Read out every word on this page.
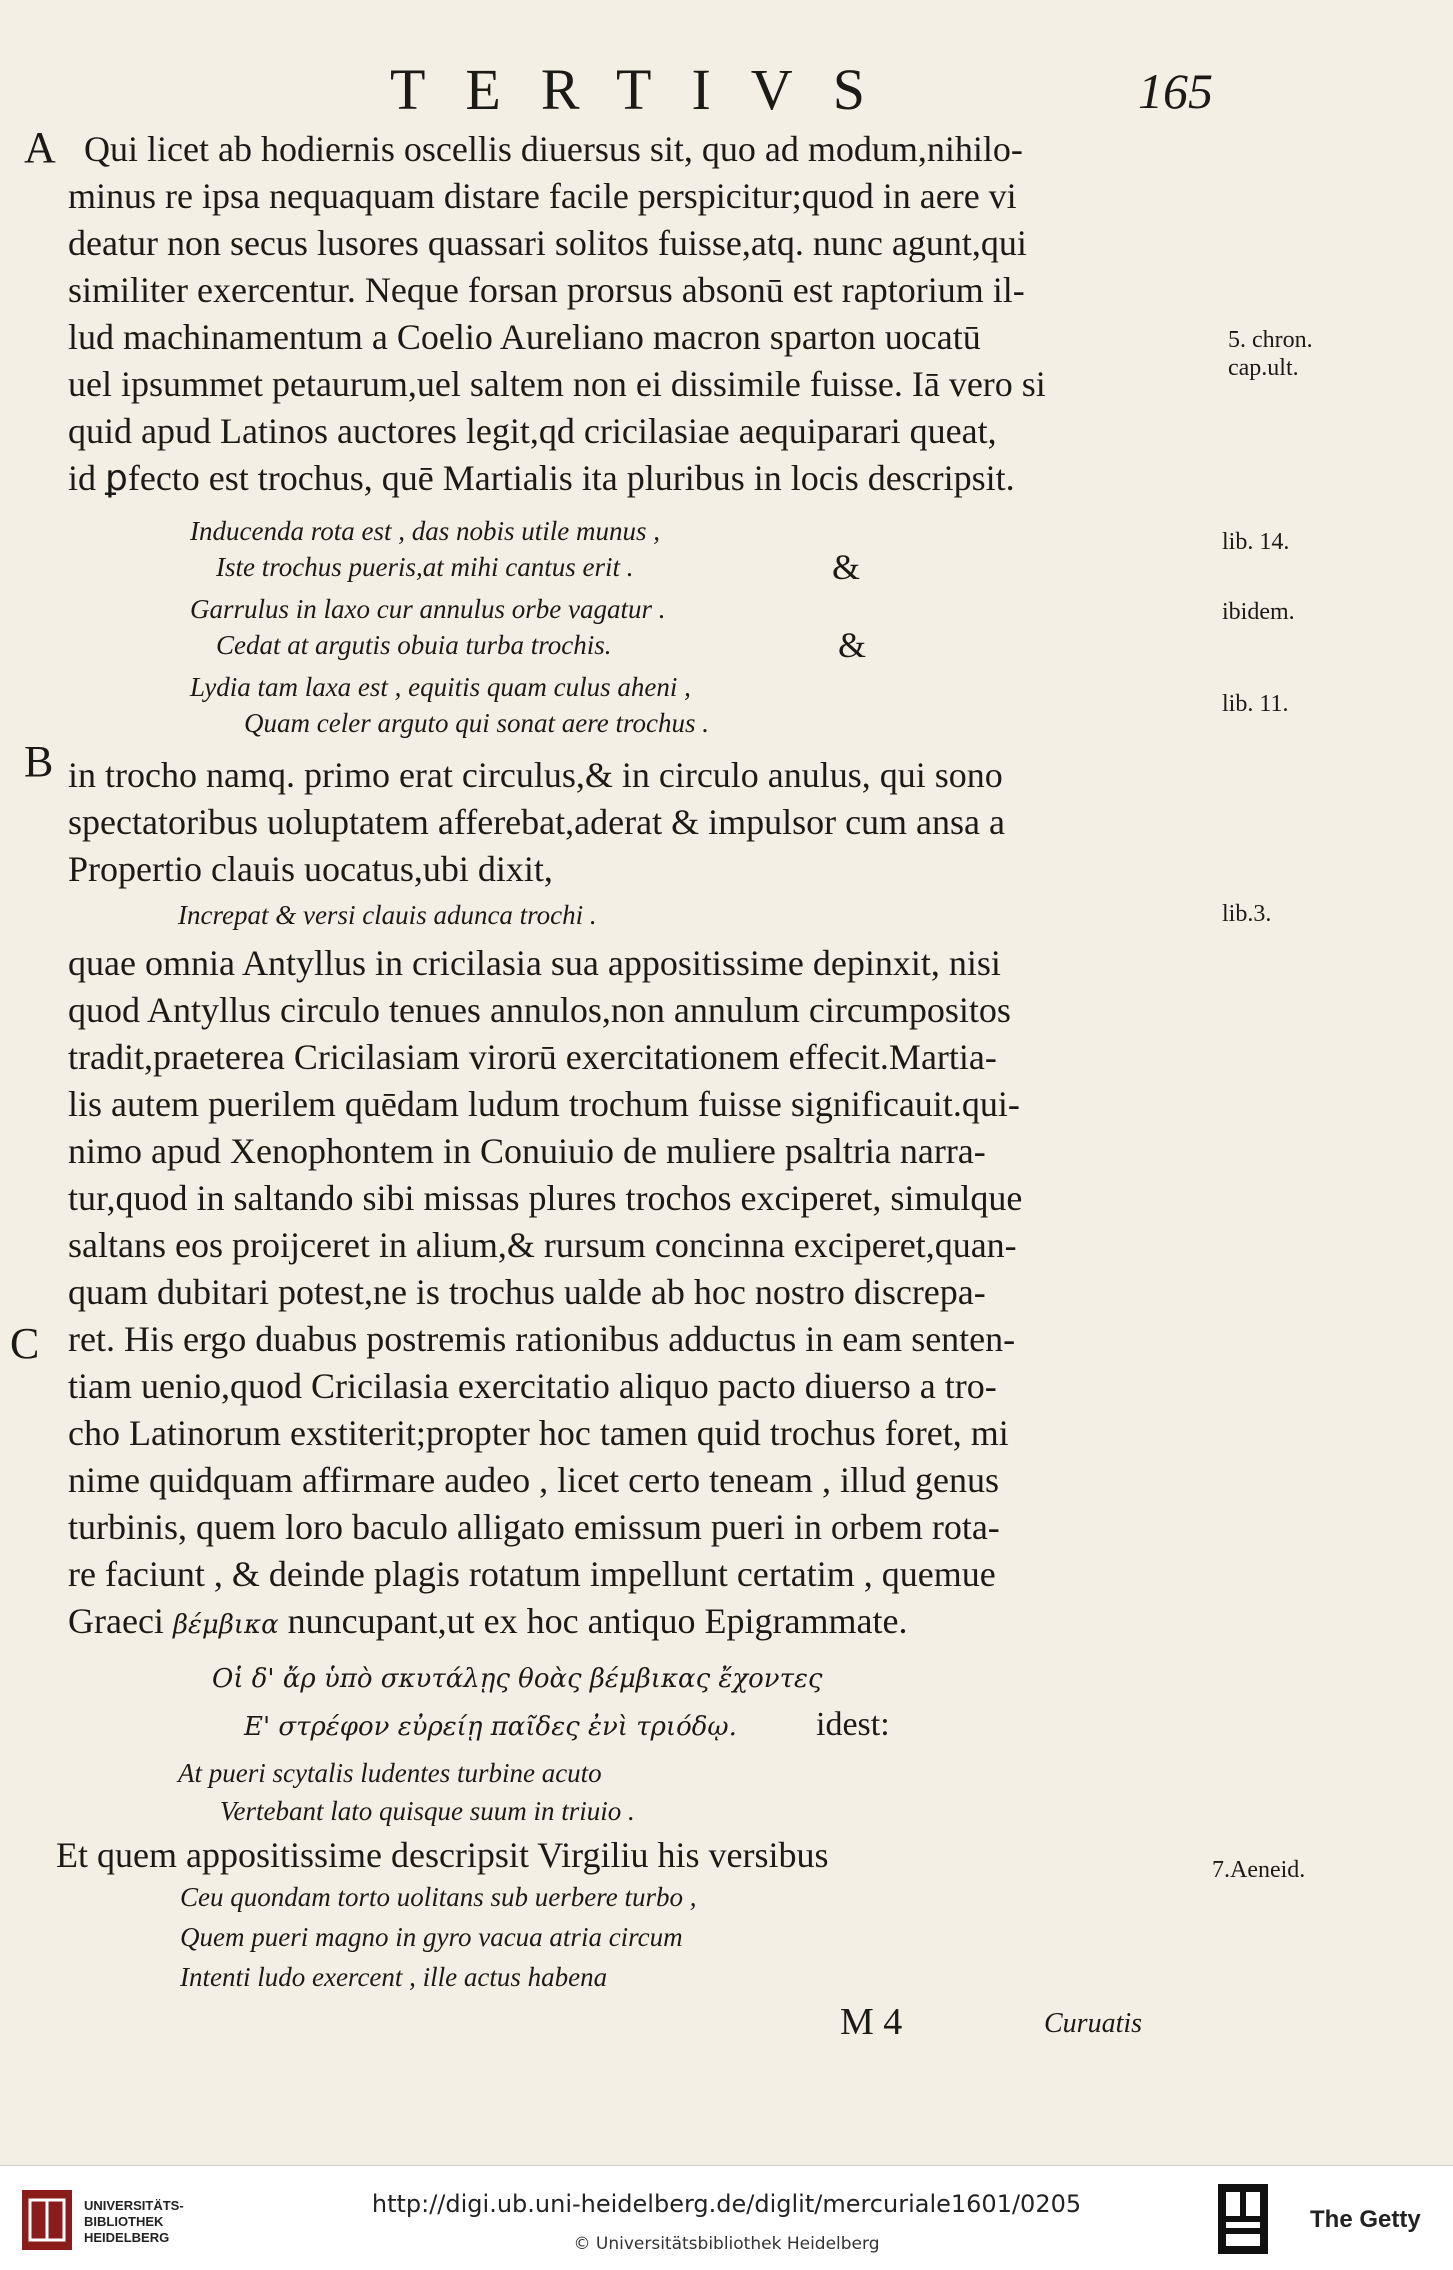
TERTIVS	165
A
B
C
Qui licet ab hodiernis oscellis diuersus sit, quo ad modum,nihilo-
minus re ipsa nequaquam distare facile perspicitur;quod in aere vi
deatur non secus lusores quassari solitos fuisse,atq. nunc agunt,qui
similiter exercentur. Neque forsan prorsus absonū est raptorium il-
lud machinamentum a Coelio Aureliano macron sparton uocatū
uel ipsummet petaurum,uel saltem non ei dissimile fuisse. Iā vero si
quid apud Latinos auctores legit,qd cricilasiae aequiparari queat,
id ꝑfecto est trochus, quē Martialis ita pluribus in locis descripsit.
Inducenda rota est , das nobis utile munus ,
Iste trochus pueris,at mihi cantus erit .	&
Garrulus in laxo cur annulus orbe vagatur .
Cedat at argutis obuia turba trochis.	&
Lydia tam laxa est , equitis quam culus aheni ,
Quam celer arguto qui sonat aere trochus .
in trocho namq. primo erat circulus,& in circulo anulus, qui sono
spectatoribus uoluptatem afferebat,aderat & impulsor cum ansa a
Propertio clauis uocatus,ubi dixit,
Increpat & versi clauis adunca trochi .
quae omnia Antyllus in cricilasia sua appositissime depinxit, nisi
quod Antyllus circulo tenues annulos,non annulum circumpositos
tradit,praeterea Cricilasiam virorū exercitationem effecit.Martia-
lis autem puerilem quēdam ludum trochum fuisse significauit.qui-
nimo apud Xenophontem in Conuiuio de muliere psaltria narra-
tur,quod in saltando sibi missas plures trochos exciperet, simulque
saltans eos proijceret in alium,& rursum concinna exciperet,quan-
quam dubitari potest,ne is trochus ualde ab hoc nostro discrepa-
ret. His ergo duabus postremis rationibus adductus in eam senten-
tiam uenio,quod Cricilasia exercitatio aliquo pacto diuerso a tro-
cho Latinorum exstiterit;propter hoc tamen quid trochus foret, mi
nime quidquam affirmare audeo , licet certo teneam , illud genus
turbinis, quem loro baculo alligato emissum pueri in orbem rota-
re faciunt , & deinde plagis rotatum impellunt certatim , quemue
Graeci βέμβικα nuncupant,ut ex hoc antiquo Epigrammate.
Οἱ δ' ἄρ ὑπὸ σκυτάλῃς θοὰς βέμβικας ἔχοντες
Ε' στρέφον εὐρείῃ παῖδες ἐνὶ τριόδῳ. idest:
At pueri scytalis ludentes turbine acuto
Vertebant lato quisque suum in triuio .
Et quem appositissime descripsit Virgiliu his versibus
Ceu quondam torto uolitans sub uerbere turbo ,
Quem pueri magno in gyro vacua atria circum
Intenti ludo exercent , ille actus habena
5. chron.
cap.ult.
lib. 14.
ibidem.
lib. 11.
lib.3.
7.Aeneid.
M 4	Curuatis
UNIVERSITÄTS-
BIBLIOTHEK
HEIDELBERG
http://digi.ub.uni-heidelberg.de/diglit/mercuriale1601/0205
© Universitätsbibliothek Heidelberg
The Getty
